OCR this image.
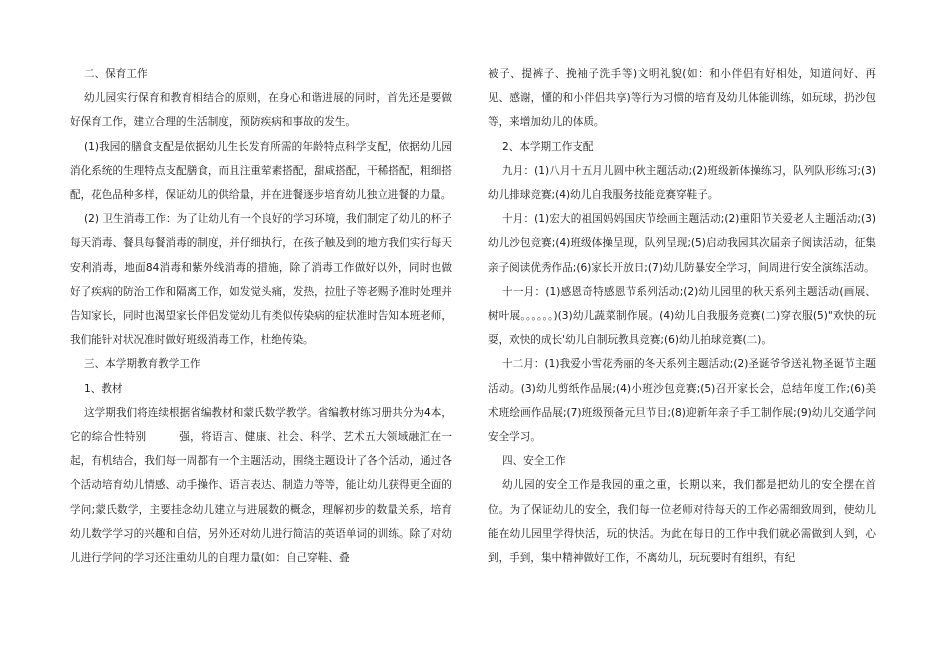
二、保育工作

幼儿园实行保育和教育相结合的原则，在身心和谐进展的同时，首先还是要做好保育工作，建立合理的生活制度，预防疾病和事故的发生。

(1)我园的膳食支配是依据幼儿生长发育所需的年龄特点科学支配，依据幼儿园消化系统的生理特点支配膳食，而且注重荤素搭配，甜咸搭配，干稀搭配，粗细搭配，花色品种多样，保证幼儿的供给量，并在进餐逐步培育幼儿独立进餐的力量。

(2) 卫生消毒工作：为了让幼儿有一个良好的学习环境，我们制定了幼儿的杯子每天消毒、餐具每餐消毒的制度，并仔细执行，在孩子触及到的地方我们实行每天安利消毒，地面84消毒和紫外线消毒的措施，除了消毒工作做好以外，同时也做好了疾病的防治工作和隔离工作，如发觉头痛，发热，拉肚子等老赐予准时处理并告知家长，同时也渴望家长伴侣发觉幼儿有类似传染病的症状准时告知本班老师，我们能针对状况准时做好班级消毒工作，杜绝传染。

三、本学期教育教学工作

1、教材

这学期我们将连续根据省编教材和蒙氏数学教学。省编教材练习册共分为4本，它的综合性特别　　　强，将语言、健康、社会、科学、艺术五大领域融汇在一起，有机结合，我们每一周都有一个主题活动，围绕主题设计了各个活动，通过各个活动培育幼儿情感、动手操作、语言表达、制造力等等，能让幼儿获得更全面的学问;蒙氏数学，主要挂念幼儿建立与进展数的概念，理解初步的数量关系，培育幼儿数学学习的兴趣和自信，另外还对幼儿进行简洁的英语单词的训练。除了对幼儿进行学问的学习还注重幼儿的自理力量(如：自己穿鞋、叠

被子、提裤子、挽袖子洗手等)文明礼貌(如：和小伴侣有好相处，知道问好、再见、感谢，懂的和小伴侣共享)等行为习惯的培育及幼儿体能训练，如玩球，扔沙包等，来增加幼儿的体质。

2、本学期工作支配

九月：(1)八月十五月儿圆中秋主题活动;(2)班级新体操练习，队列队形练习;(3)幼儿排球竞赛;(4)幼儿自我服务技能竞赛穿鞋子。

十月：(1)宏大的祖国妈妈国庆节绘画主题活动;(2)重阳节关爱老人主题活动;(3)幼儿沙包竞赛;(4)班级体操呈现，队列呈现;(5)启动我园其次届亲子阅读活动，征集亲子阅读优秀作品;(6)家长开放日;(7)幼儿防暴安全学习，间周进行安全演练活动。

十一月：(1)感恩奇特感恩节系列活动;(2)幼儿园里的秋天系列主题活动(画展、树叶展。。。。。。)(3)幼儿蔬菜制作展。(4)幼儿自我服务竞赛(二)穿衣服(5)"欢快的玩耍，欢快的成长'幼儿自制玩教具竞赛;(6)幼儿拍球竞赛(二)。

十二月：(1)我爱小雪花秀丽的冬天系列主题活动;(2)圣诞爷爷送礼物圣诞节主题活动。(3)幼儿剪纸作品展;(4)小班沙包竞赛;(5)召开家长会，总结年度工作;(6)美术班绘画作品展;(7)班级预备元旦节目;(8)迎新年亲子手工制作展;(9)幼儿交通学问安全学习。

四、安全工作

幼儿园的安全工作是我园的重之重，长期以来，我们都是把幼儿的安全摆在首位。为了保证幼儿的安全，我们每一位老师对待每天的工作必需细致周到，使幼儿能在幼儿园里学得快活，玩的快活。为此在每日的工作中我们就必需做到人到，心到，手到，集中精神做好工作，不离幼儿，玩玩要时有组织，有纪
